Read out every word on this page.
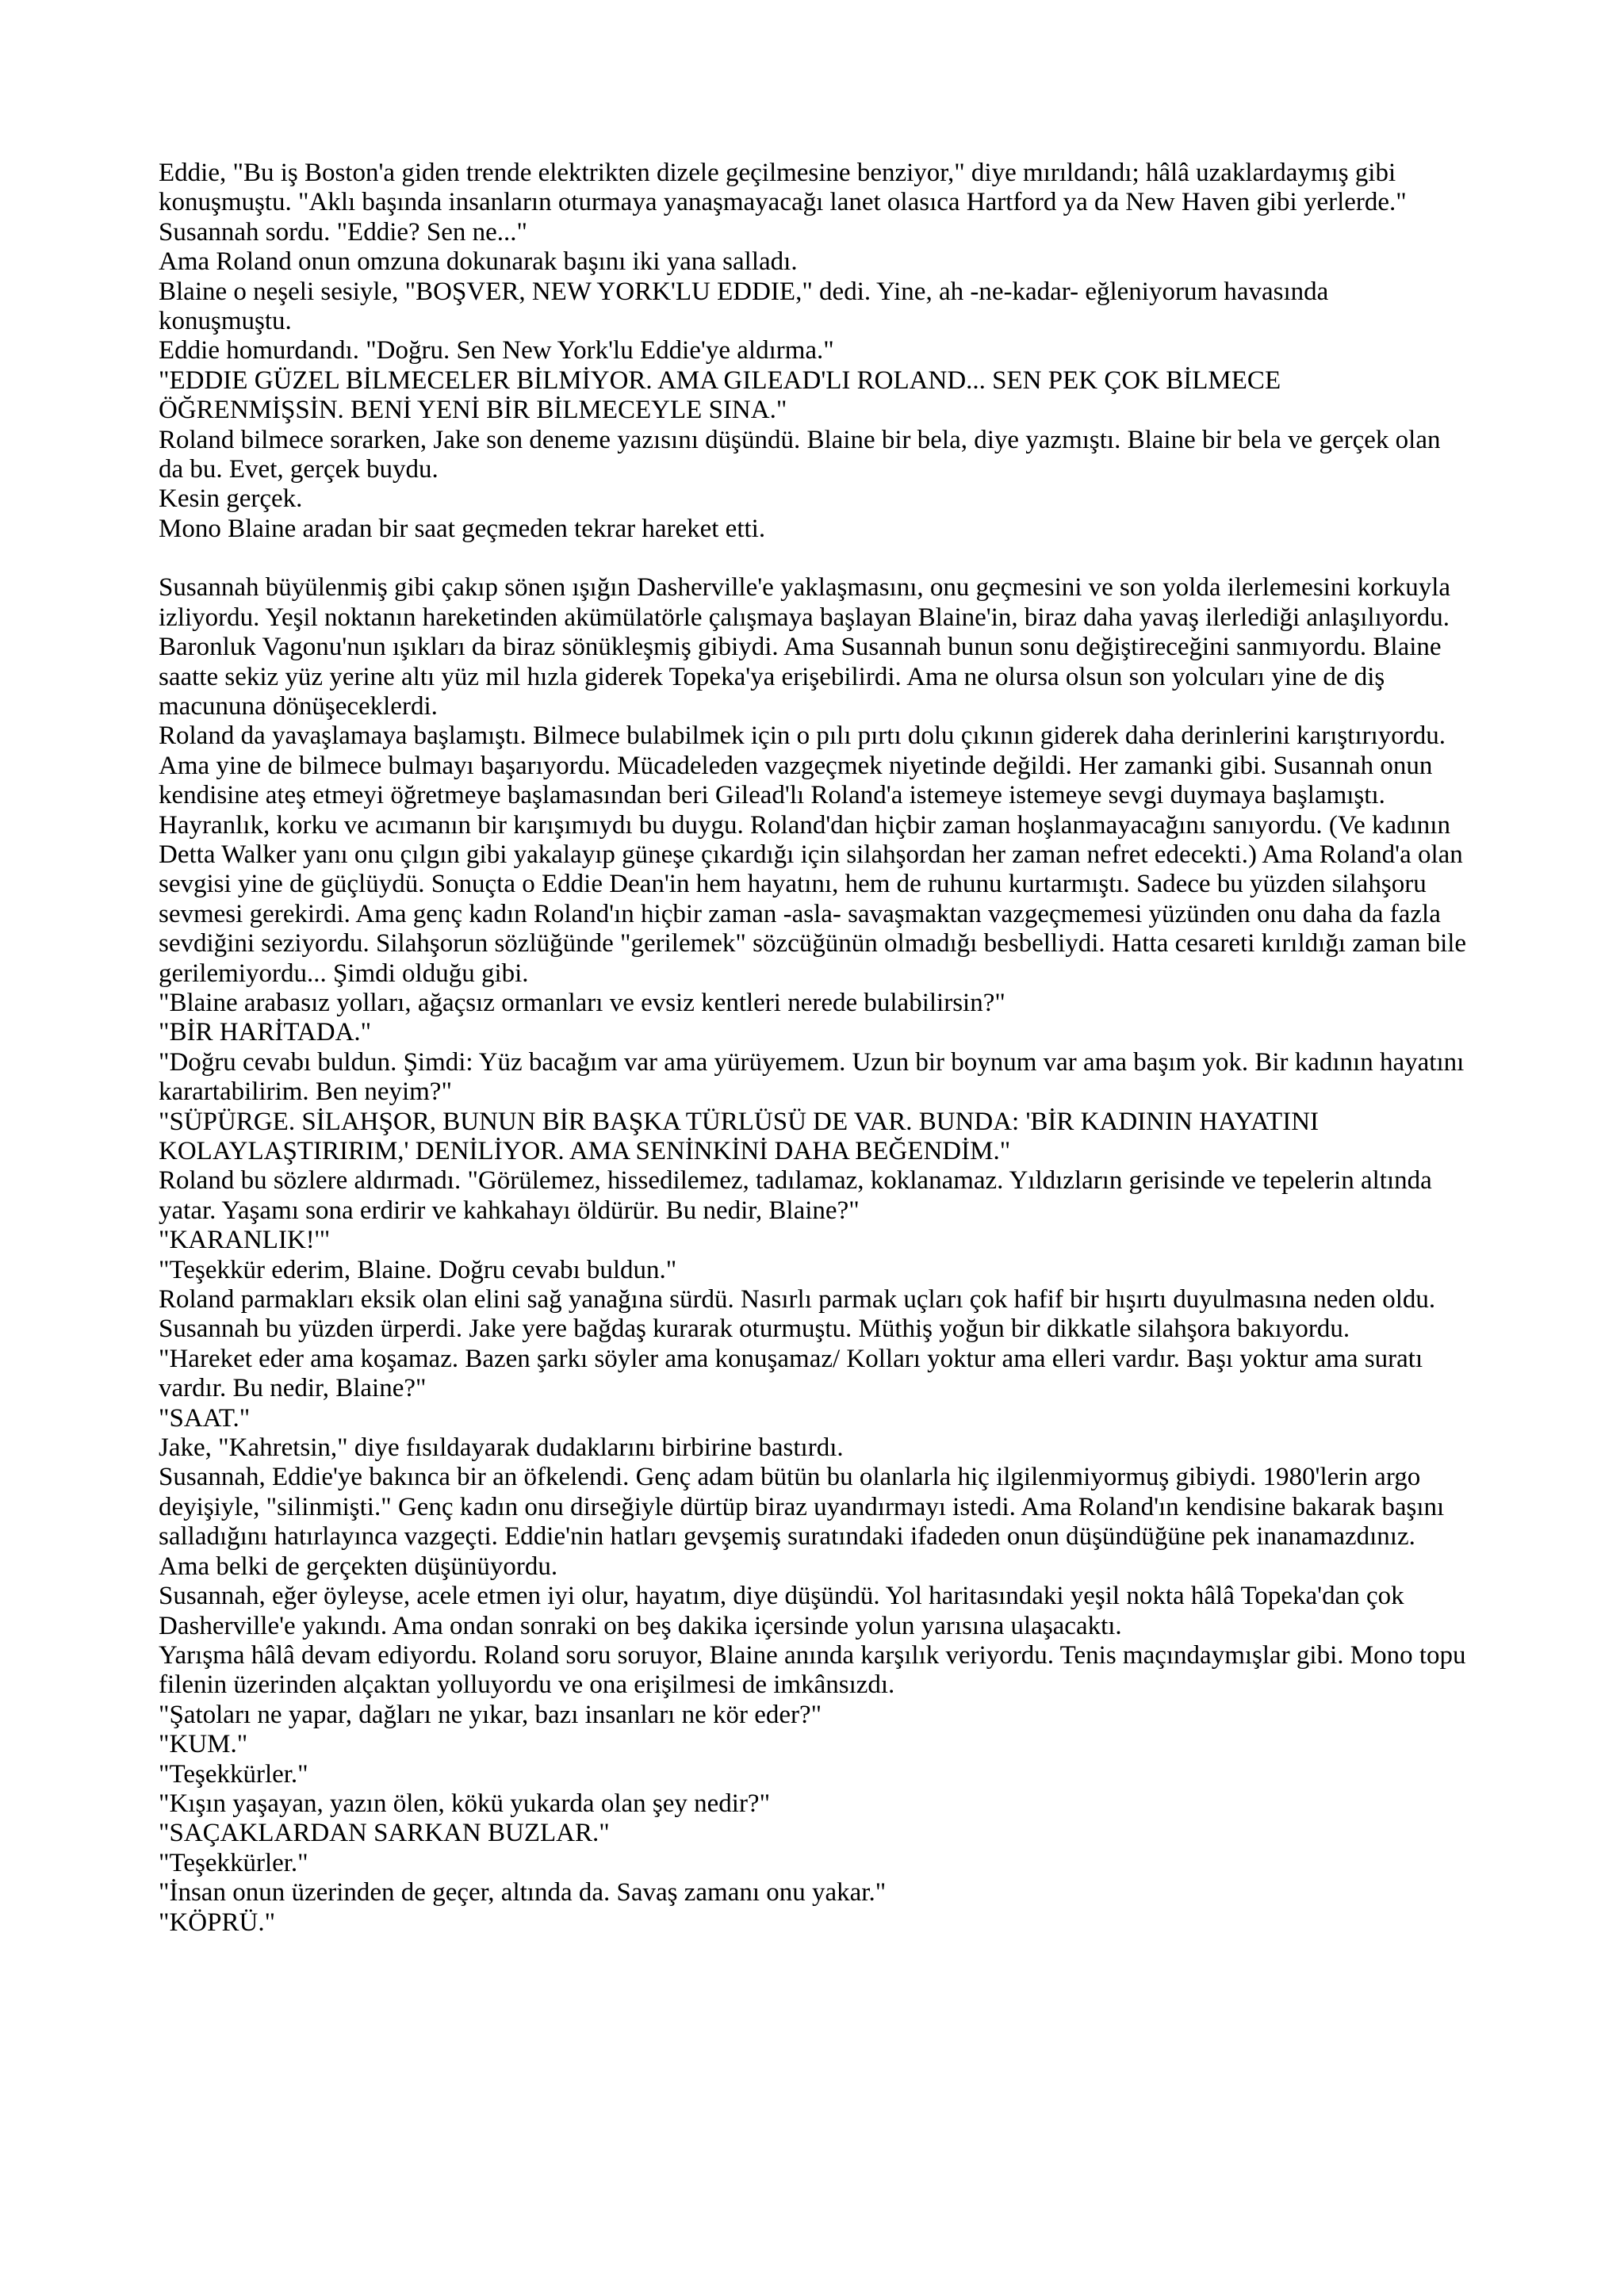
Eddie, "Bu iş Boston'a giden trende elektrikten dizele geçilmesine benziyor," diye mırıldandı; hâlâ uzaklardaymış gibi konuşmuştu. "Aklı başında insanların oturmaya yanaşmayacağı lanet olasıca Hartford ya da New Haven gibi yerlerde."

Susannah sordu. "Eddie? Sen ne..."

Ama Roland onun omzuna dokunarak başını iki yana salladı.

Blaine o neşeli sesiyle, "BOŞVER, NEW YORK'LU EDDIE," dedi. Yine, ah -ne-kadar- eğleniyorum havasında konuşmuştu.

Eddie homurdandı. "Doğru. Sen New York'lu Eddie'ye aldırma."

"EDDIE GÜZEL BİLMECELER BİLMİYOR. AMA GILEAD'LI ROLAND... SEN PEK ÇOK BİLMECE ÖĞRENMİŞSİN. BENİ YENİ BİR BİLMECEYLE SINA."

Roland bilmece sorarken, Jake son deneme yazısını düşündü. Blaine bir bela, diye yazmıştı. Blaine bir bela ve gerçek olan da bu. Evet, gerçek buydu.

Kesin gerçek.

Mono Blaine aradan bir saat geçmeden tekrar hareket etti.

Susannah büyülenmiş gibi çakıp sönen ışığın Dasherville'e yaklaşmasını, onu geçmesini ve son yolda ilerlemesini korkuyla izliyordu. Yeşil noktanın hareketinden akümülatörle çalışmaya başlayan Blaine'in, biraz daha yavaş ilerlediği anlaşılıyordu. Baronluk Vagonu'nun ışıkları da biraz sönükleşmiş gibiydi. Ama Susannah bunun sonu değiştireceğini sanmıyordu. Blaine saatte sekiz yüz yerine altı yüz mil hızla giderek Topeka'ya erişebilirdi. Ama ne olursa olsun son yolcuları yine de diş macununa dönüşeceklerdi.

Roland da yavaşlamaya başlamıştı. Bilmece bulabilmek için o pılı pırtı dolu çıkının giderek daha derinlerini karıştırıyordu. Ama yine de bilmece bulmayı başarıyordu. Mücadeleden vazgeçmek niyetinde değildi. Her zamanki gibi. Susannah onun kendisine ateş etmeyi öğretmeye başlamasından beri Gilead'lı Roland'a istemeye istemeye sevgi duymaya başlamıştı. Hayranlık, korku ve acımanın bir karışımıydı bu duygu. Roland'dan hiçbir zaman hoşlanmayacağını sanıyordu. (Ve kadının Detta Walker yanı onu çılgın gibi yakalayıp güneşe çıkardığı için silahşordan her zaman nefret edecekti.) Ama Roland'a olan sevgisi yine de güçlüydü. Sonuçta o Eddie Dean'in hem hayatını, hem de ruhunu kurtarmıştı. Sadece bu yüzden silahşoru sevmesi gerekirdi. Ama genç kadın Roland'ın hiçbir zaman -asla- savaşmaktan vazgeçmemesi yüzünden onu daha da fazla sevdiğini seziyordu. Silahşorun sözlüğünde "gerilemek" sözcüğünün olmadığı besbelliydi. Hatta cesareti kırıldığı zaman bile gerilemiyordu... Şimdi olduğu gibi.

"Blaine arabasız yolları, ağaçsız ormanları ve evsiz kentleri nerede bulabilirsin?"

"BİR HARİTADA."

"Doğru cevabı buldun. Şimdi: Yüz bacağım var ama yürüyemem. Uzun bir boynum var ama başım yok. Bir kadının hayatını karartabilirim. Ben neyim?"

"SÜPÜRGE. SİLAHŞOR, BUNUN BİR BAŞKA TÜRLÜSÜ DE VAR. BUNDA: 'BİR KADININ HAYATINI KOLAYLAŞTIRIRIM,' DENİLİYOR. AMA SENİNKİNİ DAHA BEĞENDİM."

Roland bu sözlere aldırmadı. "Görülemez, hissedilemez, tadılamaz, koklanamaz. Yıldızların gerisinde ve tepelerin altında yatar. Yaşamı sona erdirir ve kahkahayı öldürür. Bu nedir, Blaine?"

"KARANLIK!'"

"Teşekkür ederim, Blaine. Doğru cevabı buldun."

Roland parmakları eksik olan elini sağ yanağına sürdü. Nasırlı parmak uçları çok hafif bir hışırtı duyulmasına neden oldu. Susannah bu yüzden ürperdi. Jake yere bağdaş kurarak oturmuştu. Müthiş yoğun bir dikkatle silahşora bakıyordu.

"Hareket eder ama koşamaz. Bazen şarkı söyler ama konuşamaz/ Kolları yoktur ama elleri vardır. Başı yoktur ama suratı vardır. Bu nedir, Blaine?"

"SAAT."

Jake, "Kahretsin," diye fısıldayarak dudaklarını birbirine bastırdı.

Susannah, Eddie'ye bakınca bir an öfkelendi. Genç adam bütün bu olanlarla hiç ilgilenmiyormuş gibiydi. 1980'lerin argo deyişiyle, "silinmişti." Genç kadın onu dirseğiyle dürtüp biraz uyandırmayı istedi. Ama Roland'ın kendisine bakarak başını salladığını hatırlayınca vazgeçti. Eddie'nin hatları gevşemiş suratındaki ifadeden onun düşündüğüne pek inanamazdınız. Ama belki de gerçekten düşünüyordu.

Susannah, eğer öyleyse, acele etmen iyi olur, hayatım, diye düşündü. Yol haritasındaki yeşil nokta hâlâ Topeka'dan çok Dasherville'e yakındı. Ama ondan sonraki on beş dakika içersinde yolun yarısına ulaşacaktı.

Yarışma hâlâ devam ediyordu. Roland soru soruyor, Blaine anında karşılık veriyordu. Tenis maçındaymışlar gibi. Mono topu filenin üzerinden alçaktan yolluyordu ve ona erişilmesi de imkânsızdı.

"Şatoları ne yapar, dağları ne yıkar, bazı insanları ne kör eder?"

"KUM."

"Teşekkürler."

"Kışın yaşayan, yazın ölen, kökü yukarda olan şey nedir?"

"SAÇAKLARDAN SARKAN BUZLAR."

"Teşekkürler."

"İnsan onun üzerinden de geçer, altında da. Savaş zamanı onu yakar."

"KÖPRÜ."
